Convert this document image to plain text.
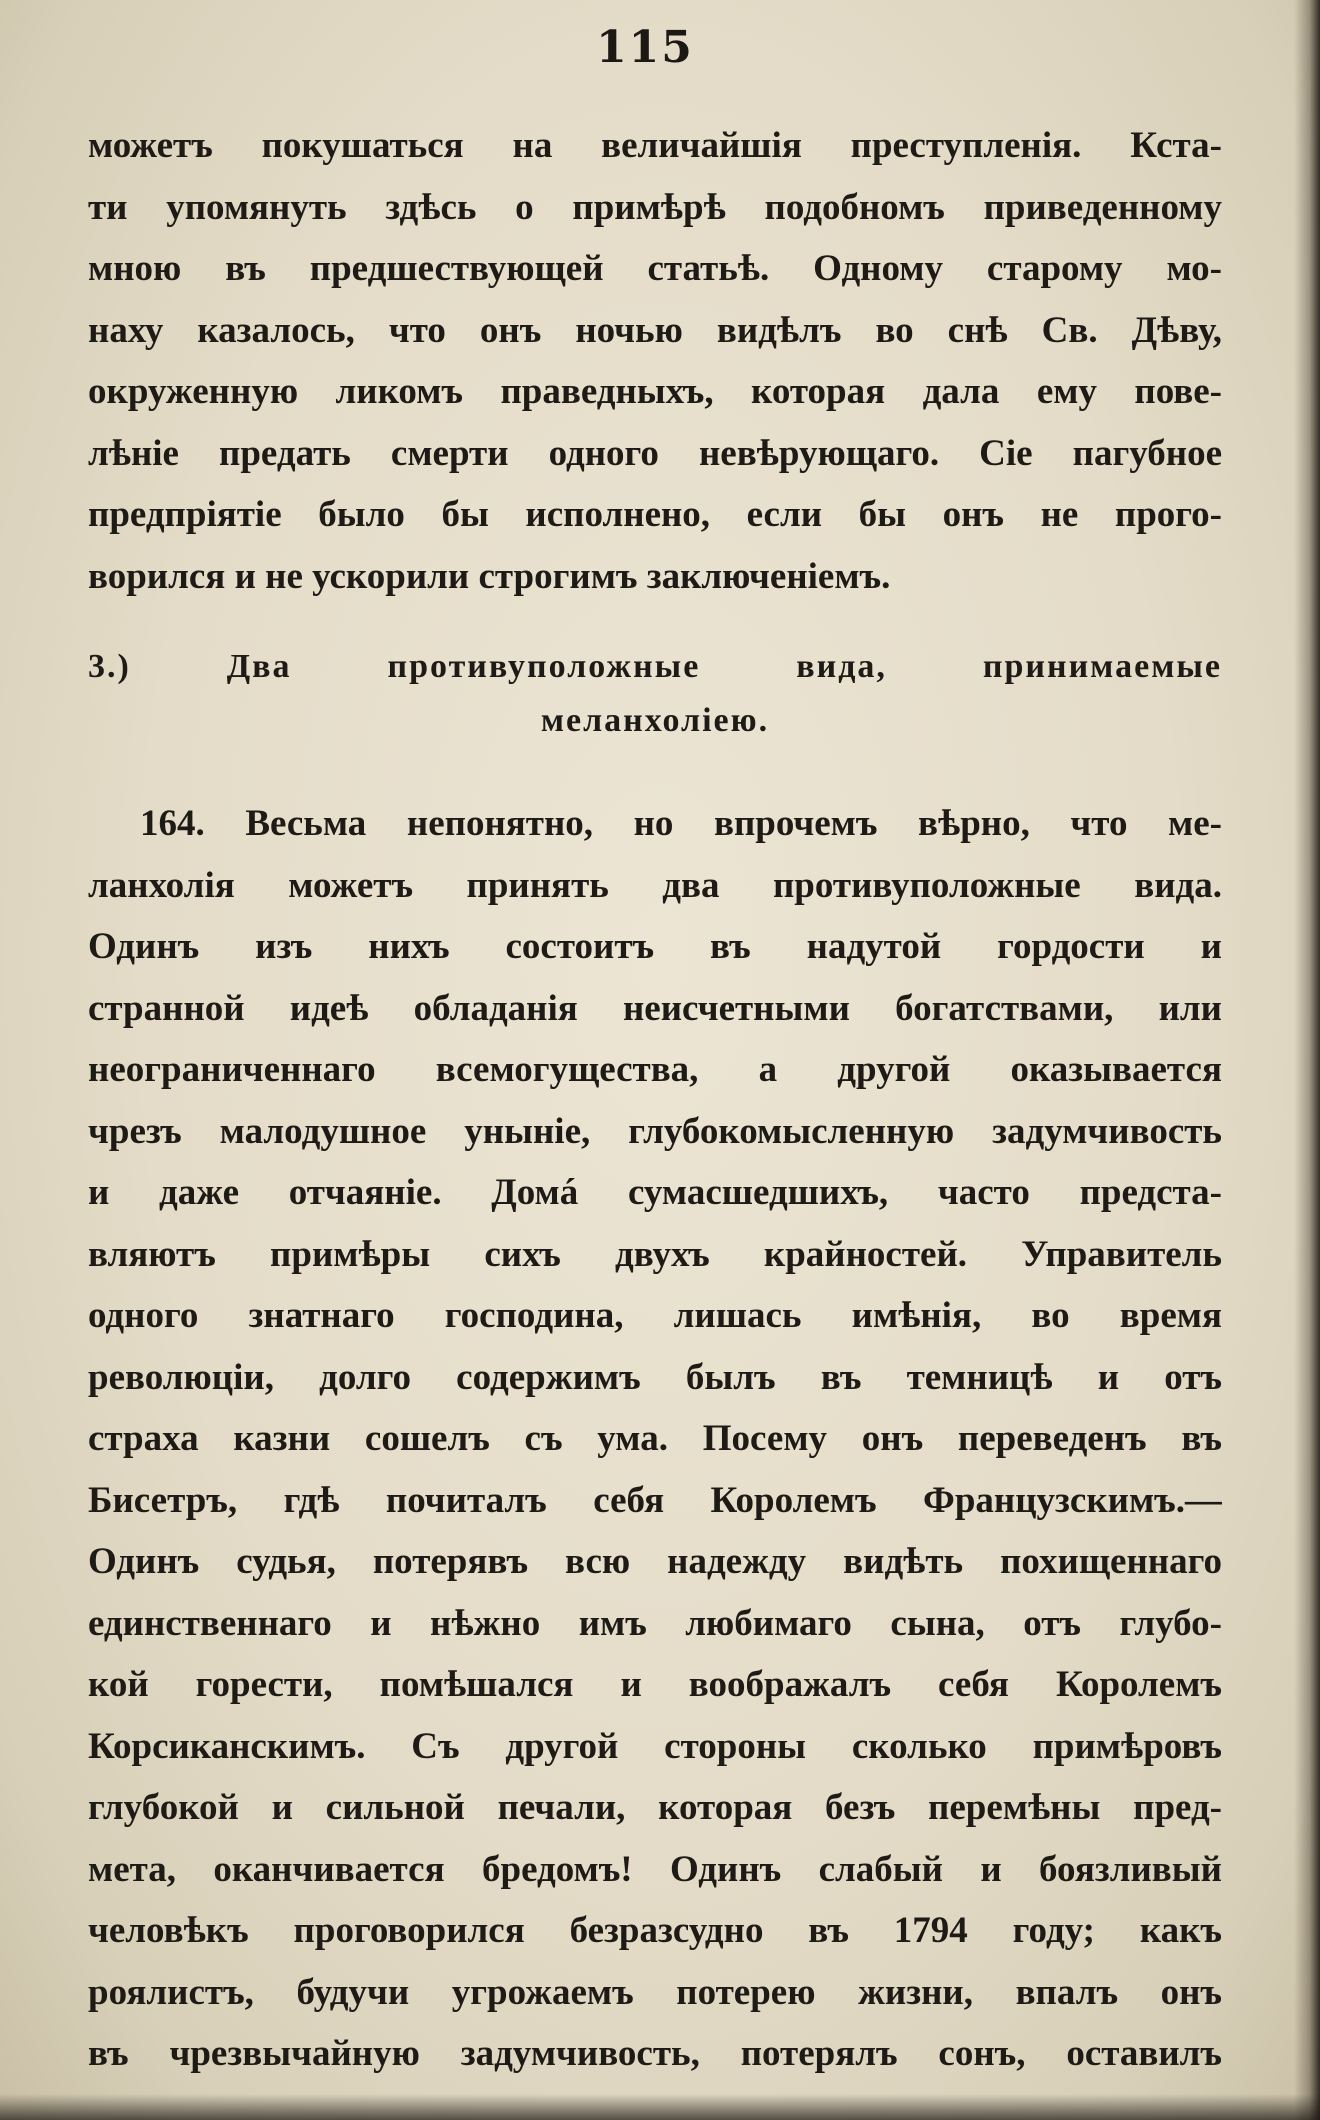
115
можетъ покушаться на величайшія преступленія. Кста-
ти упомянуть здѣсь о примѣрѣ подобномъ приведенному
мною въ предшествующей статьѣ. Одному старому мо-
наху казалось, что онъ ночью видѣлъ во снѣ Св. Дѣву,
окруженную ликомъ праведныхъ, которая дала ему пове-
лѣніе предать смерти одного невѣрующаго. Сіе пагубное
предпріятіе было бы исполнено, если бы онъ не прого-
ворился и не ускорили строгимъ заключеніемъ.
3.) Два противуположные вида, принимаемые
меланхоліею.
164. Весьма непонятно, но впрочемъ вѣрно, что ме-
ланхолія можетъ принять два противуположные вида.
Одинъ изъ нихъ состоитъ въ надутой гордости и
странной идеѣ обладанія неисчетными богатствами, или
неограниченнаго всемогущества, а другой оказывается
чрезъ малодушное уныніе, глубокомысленную задумчивость
и даже отчаяніе. Домá сумасшедшихъ, часто предста-
вляютъ примѣры сихъ двухъ крайностей. Управитель
одного знатнаго господина, лишась имѣнія, во время
революціи, долго содержимъ былъ въ темницѣ и отъ
страха казни сошелъ съ ума. Посему онъ переведенъ въ
Бисетръ, гдѣ почиталъ себя Королемъ Французскимъ.—
Одинъ судья, потерявъ всю надежду видѣть похищеннаго
единственнаго и нѣжно имъ любимаго сына, отъ глубо-
кой горести, помѣшался и воображалъ себя Королемъ
Корсиканскимъ. Съ другой стороны сколько примѣровъ
глубокой и сильной печали, которая безъ перемѣны пред-
мета, оканчивается бредомъ! Одинъ слабый и боязливый
человѣкъ проговорился безразсудно въ 1794 году; какъ
роялистъ, будучи угрожаемъ потерею жизни, впалъ онъ
въ чрезвычайную задумчивость, потерялъ сонъ, оставилъ
